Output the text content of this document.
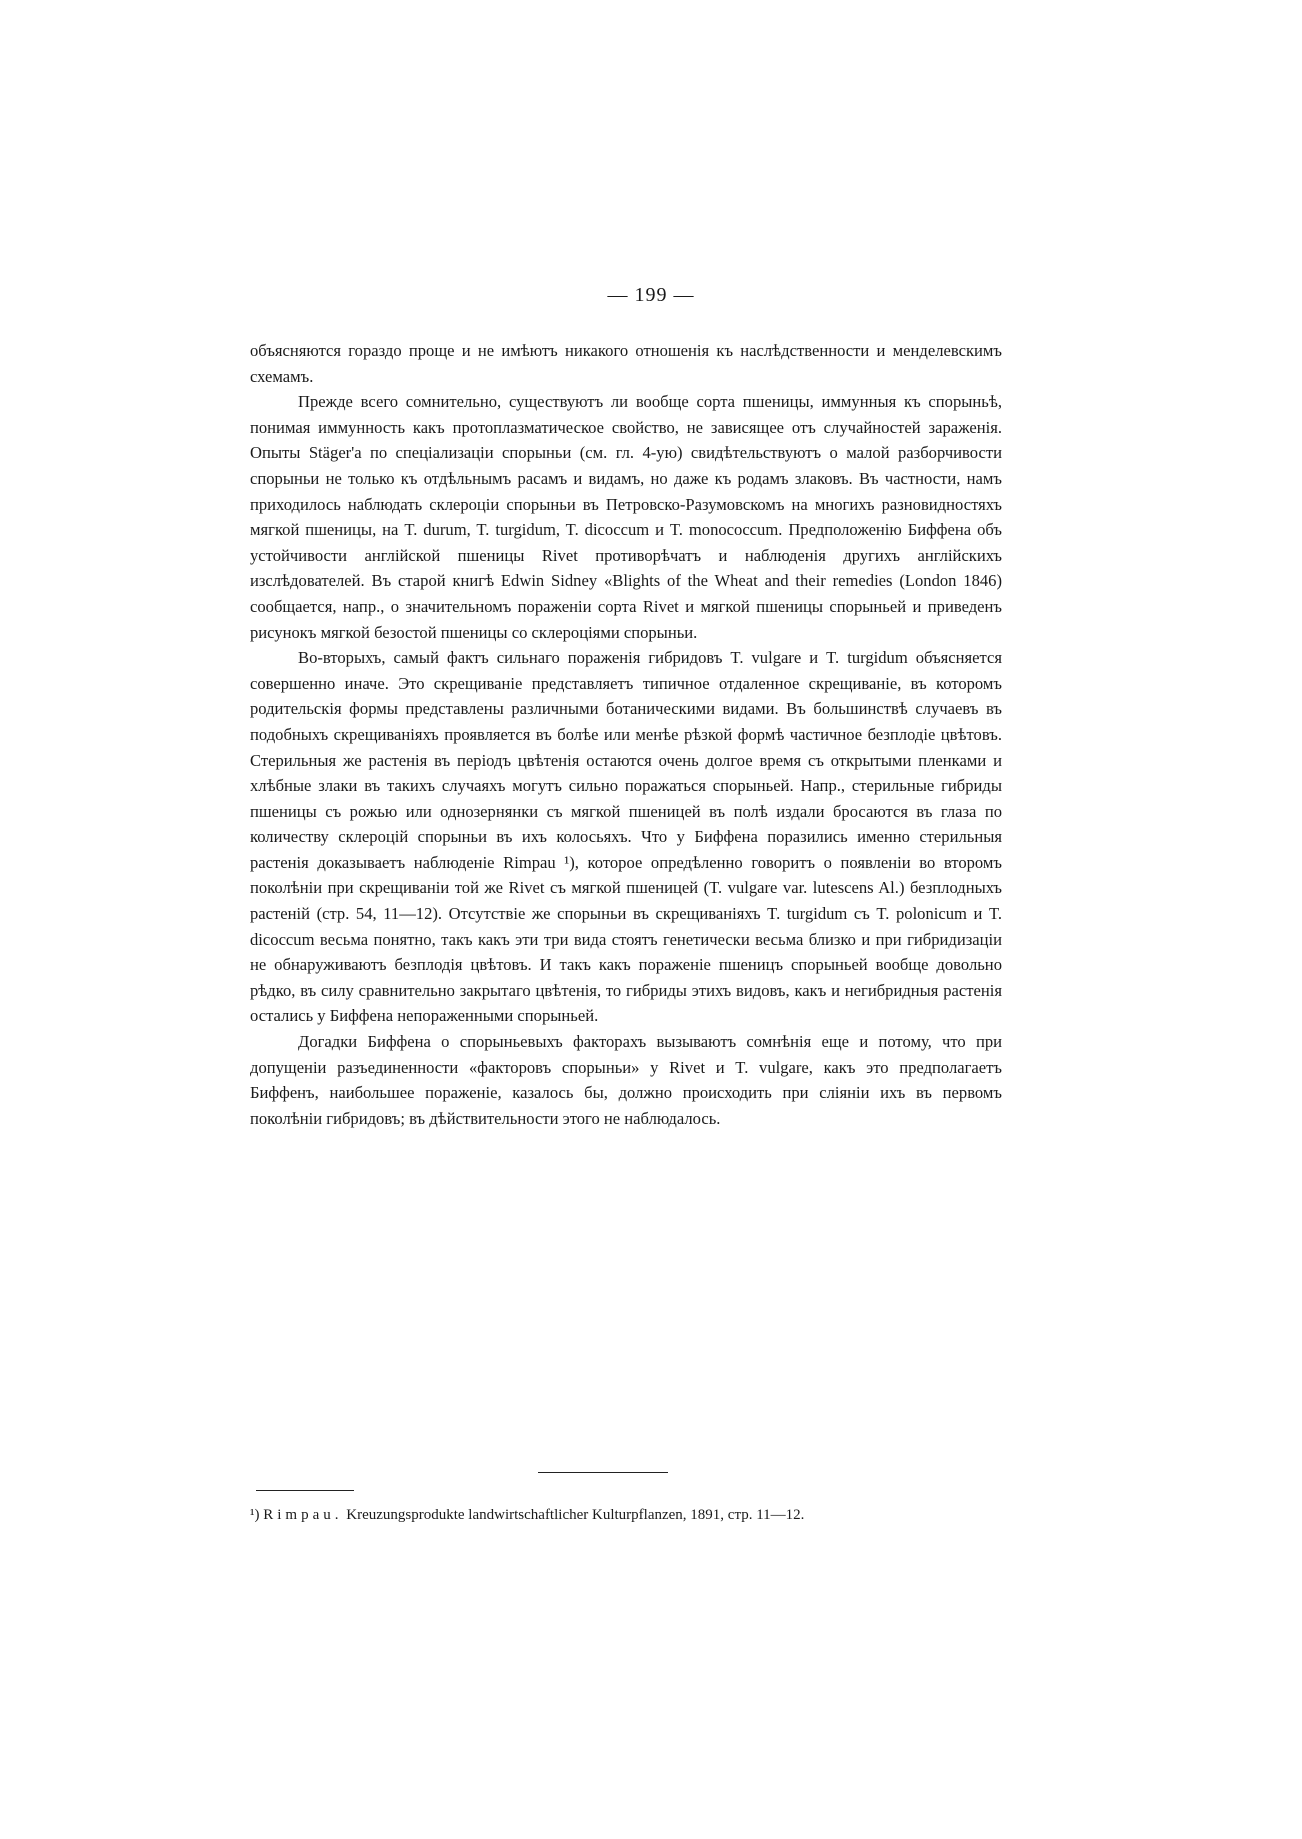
— 199 —

объясняются гораздо проще и не имѣютъ никакого отношенія къ наслѣдственности и менделевскимъ схемамъ.

Прежде всего сомнительно, существуютъ ли вообще сорта пшеницы, иммунныя къ спорыньѣ, понимая иммунность какъ протоплазматическое свойство, не зависящее отъ случайностей зараженія. Опыты Stäger'а по спеціализаціи спорыньи (см. гл. 4-ую) свидѣтельствуютъ о малой разборчивости спорыньи не только къ отдѣльнымъ расамъ и видамъ, но даже къ родамъ злаковъ. Въ частности, намъ приходилось наблюдать склероціи спорыньи въ Петровско-Разумовскомъ на многихъ разновидностяхъ мягкой пшеницы, на T. durum, T. turgidum, T. dicoccum и T. monococcum. Предположенію Биффена объ устойчивости англійской пшеницы Rivet противорѣчатъ и наблюденія другихъ англійскихъ изслѣдователей. Въ старой книгѣ Edwin Sidney «Blights of the Wheat and their remedies (London 1846) сообщается, напр., о значительномъ пораженіи сорта Rivet и мягкой пшеницы спорыньей и приведенъ рисунокъ мягкой безостой пшеницы со склероціями спорыньи.

Во-вторыхъ, самый фактъ сильнаго пораженія гибридовъ T. vulgare и T. turgidum объясняется совершенно иначе. Это скрещиваніе представляетъ типичное отдаленное скрещиваніе, въ которомъ родительскія формы представлены различными ботаническими видами. Въ большинствѣ случаевъ въ подобныхъ скрещиваніяхъ проявляется въ болѣе или менѣе рѣзкой формѣ частичное безплодіе цвѣтовъ. Стерильныя же растенія въ періодъ цвѣтенія остаются очень долгое время съ открытыми пленками и хлѣбные злаки въ такихъ случаяхъ могутъ сильно поражаться спорыньей. Напр., стерильные гибриды пшеницы съ рожью или однозернянки съ мягкой пшеницей въ полѣ издали бросаются въ глаза по количеству склероцій спорыньи въ ихъ колосьяхъ. Что у Биффена поразились именно стерильныя растенія доказываетъ наблюденіе Rimpau ¹), которое опредѣленно говоритъ о появленіи во второмъ поколѣніи при скрещиваніи той же Rivet съ мягкой пшеницей (T. vulgare var. lutescens Al.) безплодныхъ растеній (стр. 54, 11—12). Отсутствіе же спорыньи въ скрещиваніяхъ T. turgidum съ T. polonicum и T. dicoccum весьма понятно, такъ какъ эти три вида стоятъ генетически весьма близко и при гибридизаціи не обнаруживаютъ безплодія цвѣтовъ. И такъ какъ пораженіе пшеницъ спорыньей вообще довольно рѣдко, въ силу сравнительно закрытаго цвѣтенія, то гибриды этихъ видовъ, какъ и негибридныя растенія остались у Биффена непораженными спорыньей.

Догадки Биффена о спорыньевыхъ факторахъ вызываютъ сомнѣнія еще и потому, что при допущеніи разъединенности «факторовъ спорыньи» у Rivet и T. vulgare, какъ это предполагаетъ Биффенъ, наибольшее пораженіе, казалось бы, должно происходить при сліяніи ихъ въ первомъ поколѣніи гибридовъ; въ дѣйствительности этого не наблюдалось.

¹) Rimpau. Kreuzungsprodukte landwirtschaftlicher Kulturpflanzen, 1891, стр. 11—12.
